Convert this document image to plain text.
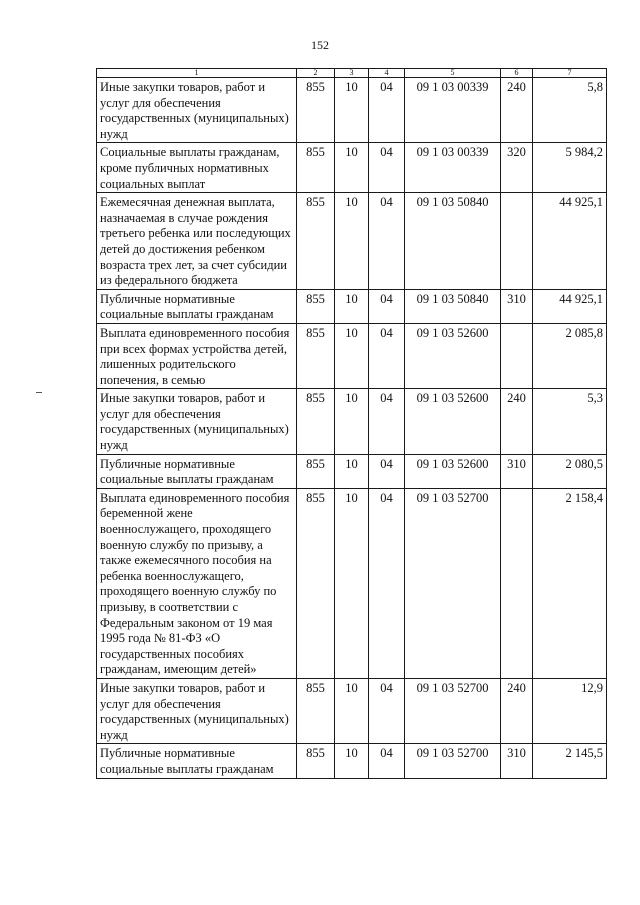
152
1	2	3	4	5	6	7
Иные закупки товаров, работ и услуг для обеспечения государственных (муниципальных) нужд	855	10	04	09 1 03 00339	240	5,8
Социальные выплаты гражданам, кроме публичных нормативных социальных выплат	855	10	04	09 1 03 00339	320	5 984,2
Ежемесячная денежная выплата, назначаемая в случае рождения третьего ребенка или последующих детей до достижения ребенком возраста трех лет, за счет субсидии из федерального бюджета	855	10	04	09 1 03 50840		44 925,1
Публичные нормативные социальные выплаты гражданам	855	10	04	09 1 03 50840	310	44 925,1
Выплата единовременного пособия при всех формах устройства детей, лишенных родительского попечения, в семью	855	10	04	09 1 03 52600		2 085,8
Иные закупки товаров, работ и услуг для обеспечения государственных (муниципальных) нужд	855	10	04	09 1 03 52600	240	5,3
Публичные нормативные социальные выплаты гражданам	855	10	04	09 1 03 52600	310	2 080,5
Выплата единовременного пособия беременной жене военнослужащего, проходящего военную службу по призыву, а также ежемесячного пособия на ребенка военнослужащего, проходящего военную службу по призыву, в соответствии с Федеральным законом от 19 мая 1995 года № 81-ФЗ «О государственных пособиях гражданам, имеющим детей»	855	10	04	09 1 03 52700		2 158,4
Иные закупки товаров, работ и услуг для обеспечения государственных (муниципальных) нужд	855	10	04	09 1 03 52700	240	12,9
Публичные нормативные социальные выплаты гражданам	855	10	04	09 1 03 52700	310	2 145,5
